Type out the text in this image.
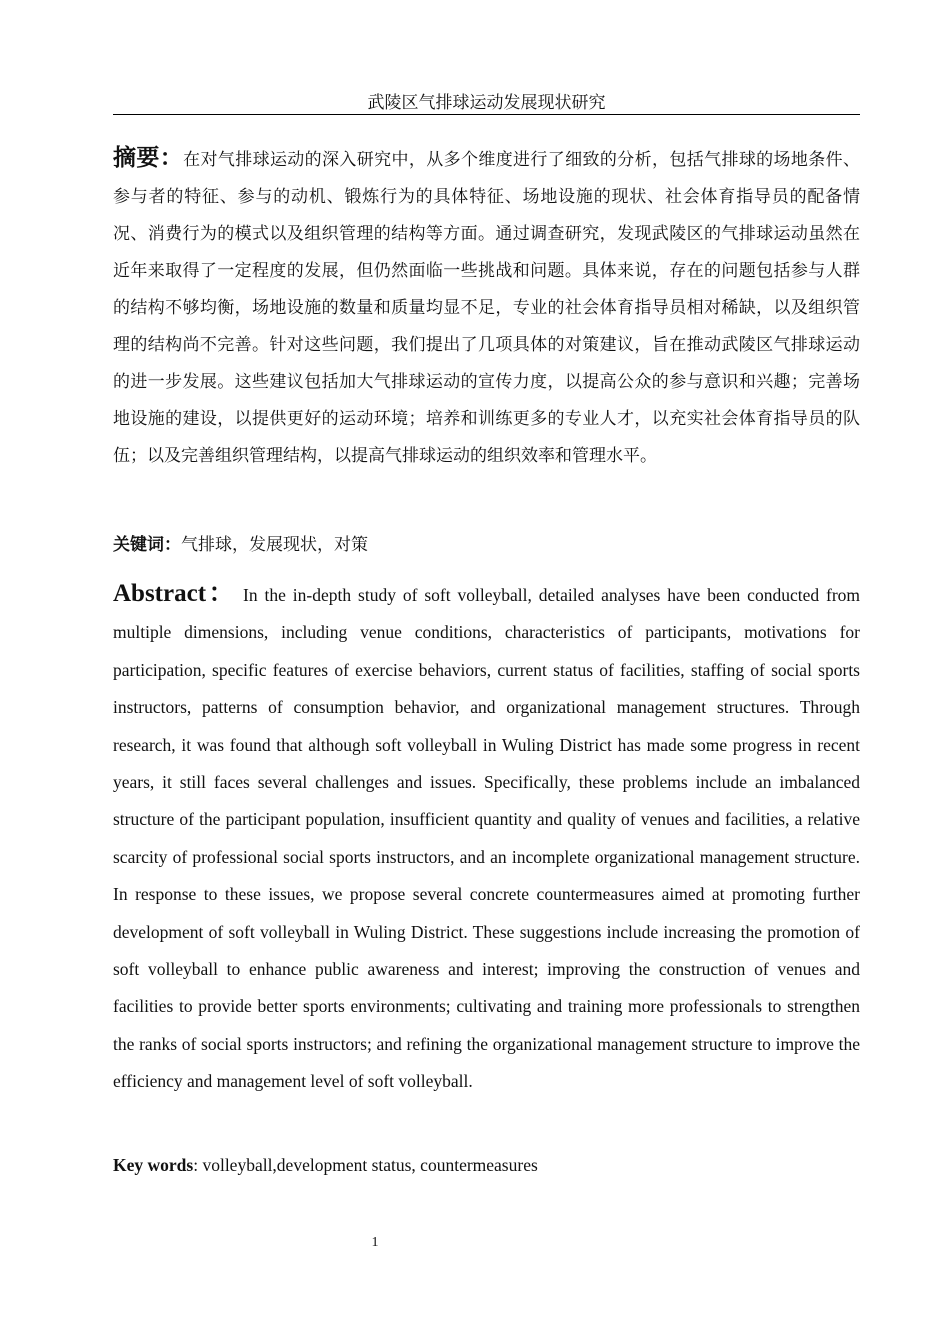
武陵区气排球运动发展现状研究

摘要：在对气排球运动的深入研究中，从多个维度进行了细致的分析，包括气排球的场地条件、参与者的特征、参与的动机、锻炼行为的具体特征、场地设施的现状、社会体育指导员的配备情况、消费行为的模式以及组织管理的结构等方面。通过调查研究，发现武陵区的气排球运动虽然在近年来取得了一定程度的发展，但仍然面临一些挑战和问题。具体来说，存在的问题包括参与人群的结构不够均衡，场地设施的数量和质量均显不足，专业的社会体育指导员相对稀缺，以及组织管理的结构尚不完善。针对这些问题，我们提出了几项具体的对策建议，旨在推动武陵区气排球运动的进一步发展。这些建议包括加大气排球运动的宣传力度，以提高公众的参与意识和兴趣；完善场地设施的建设，以提供更好的运动环境；培养和训练更多的专业人才，以充实社会体育指导员的队伍；以及完善组织管理结构，以提高气排球运动的组织效率和管理水平。

关键词：气排球，发展现状，对策

Abstract： In the in-depth study of soft volleyball, detailed analyses have been conducted from multiple dimensions, including venue conditions, characteristics of participants, motivations for participation, specific features of exercise behaviors, current status of facilities, staffing of social sports instructors, patterns of consumption behavior, and organizational management structures. Through research, it was found that although soft volleyball in Wuling District has made some progress in recent years, it still faces several challenges and issues. Specifically, these problems include an imbalanced structure of the participant population, insufficient quantity and quality of venues and facilities, a relative scarcity of professional social sports instructors, and an incomplete organizational management structure. In response to these issues, we propose several concrete countermeasures aimed at promoting further development of soft volleyball in Wuling District. These suggestions include increasing the promotion of soft volleyball to enhance public awareness and interest; improving the construction of venues and facilities to provide better sports environments; cultivating and training more professionals to strengthen the ranks of social sports instructors; and refining the organizational management structure to improve the efficiency and management level of soft volleyball.

Key words: volleyball,development status, countermeasures

1
